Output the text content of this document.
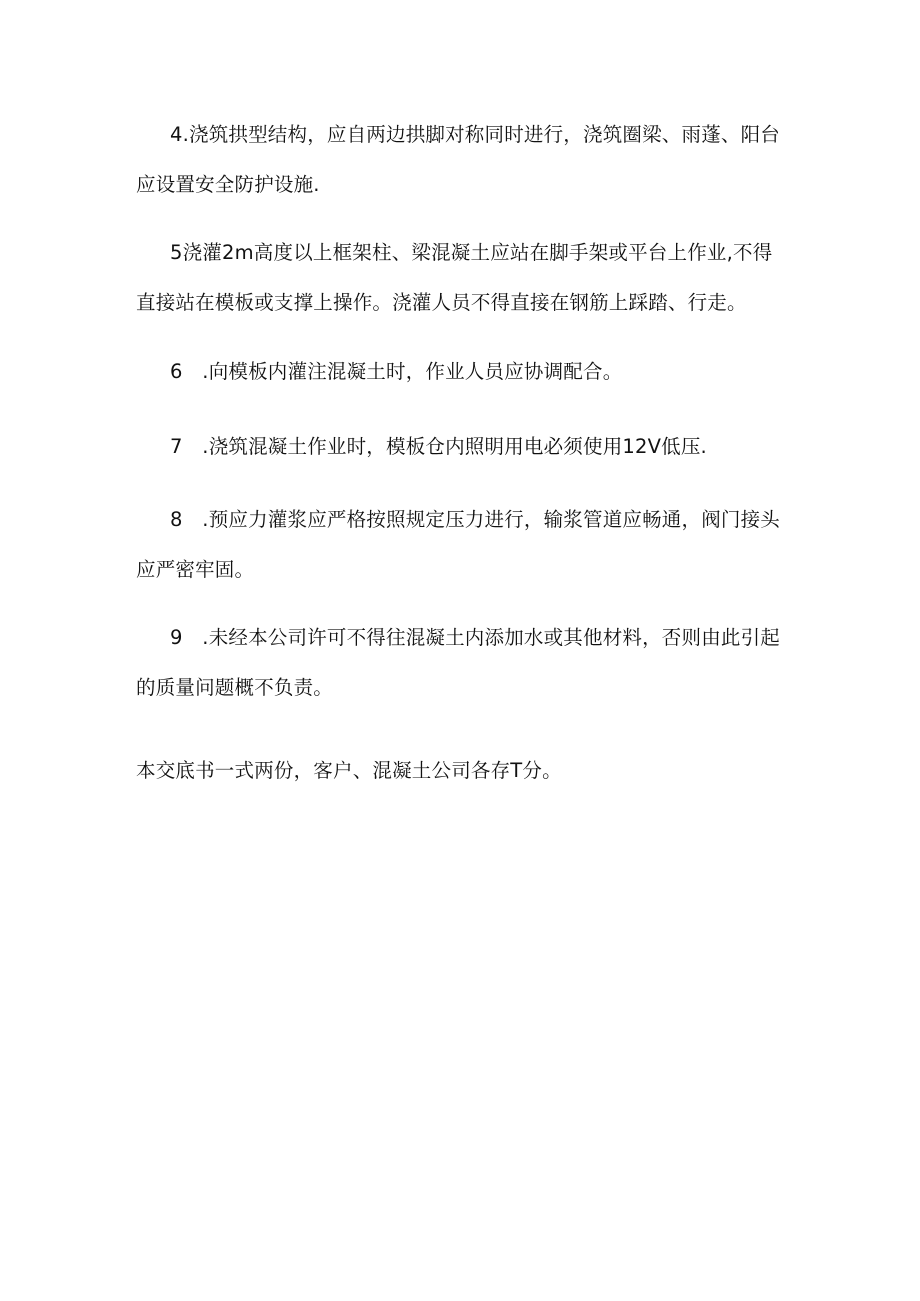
4.浇筑拱型结构，应自两边拱脚对称同时进行，浇筑圈梁、雨蓬、阳台
应设置安全防护设施.

5浇灌2m高度以上框架柱、梁混凝土应站在脚手架或平台上作业,不得
直接站在模板或支撑上操作。浇灌人员不得直接在钢筋上踩踏、行走。

6　.向模板内灌注混凝土时，作业人员应协调配合。

7　.浇筑混凝土作业时，模板仓内照明用电必须使用12V低压.

8　.预应力灌浆应严格按照规定压力进行，输浆管道应畅通，阀门接头
应严密牢固。

9　.未经本公司许可不得往混凝土内添加水或其他材料，否则由此引起
的质量问题概不负责。

本交底书一式两份，客户、混凝土公司各存T分。
